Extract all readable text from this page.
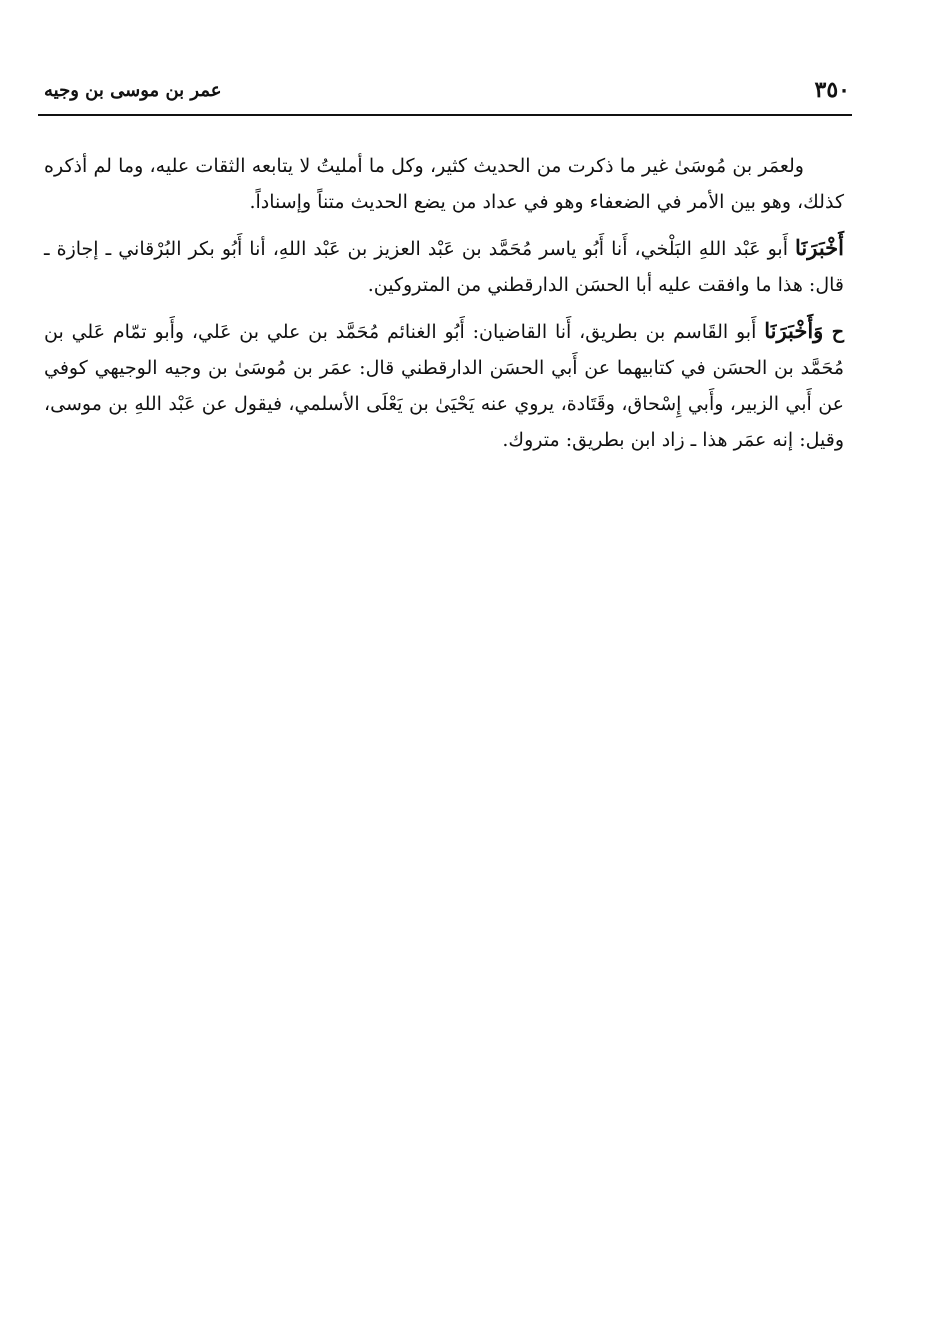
٣٥٠
عمر بن موسى بن وجيه

ولعمَر بن مُوسَىٰ غير ما ذكرت من الحديث كثير، وكل ما أمليتُ لا يتابعه الثقات عليه، وما لم أذكره كذلك، وهو بين الأمر في الضعفاء وهو في عداد من يضع الحديث متناً وإسناداً.

أَخْبَرَنَا أَبو عَبْد اللهِ البَلْخي، أَنا أَبُو ياسر مُحَمَّد بن عَبْد العزيز بن عَبْد اللهِ، أنا أَبُو بكر البُرْقاني ـ إجازة ـ قال: هذا ما وافقت عليه أبا الحسَن الدارقطني من المتروكين.

ح وَأَخْبَرَنَا أَبو القَاسم بن بطريق، أَنا القاضيان: أَبُو الغنائم مُحَمَّد بن علي بن عَلي، وأَبو تمّام عَلي بن مُحَمَّد بن الحسَن في كتابيهما عن أَبي الحسَن الدارقطني قال: عمَر بن مُوسَىٰ بن وجيه الوجيهي كوفي عن أَبي الزبير، وأَبي إِسْحاق، وقَتَادة، يروي عنه يَحْيَىٰ بن يَعْلَى الأسلمي، فيقول عن عَبْد اللهِ بن موسى، وقيل: إنه عمَر هذا ـ زاد ابن بطريق: متروك.
